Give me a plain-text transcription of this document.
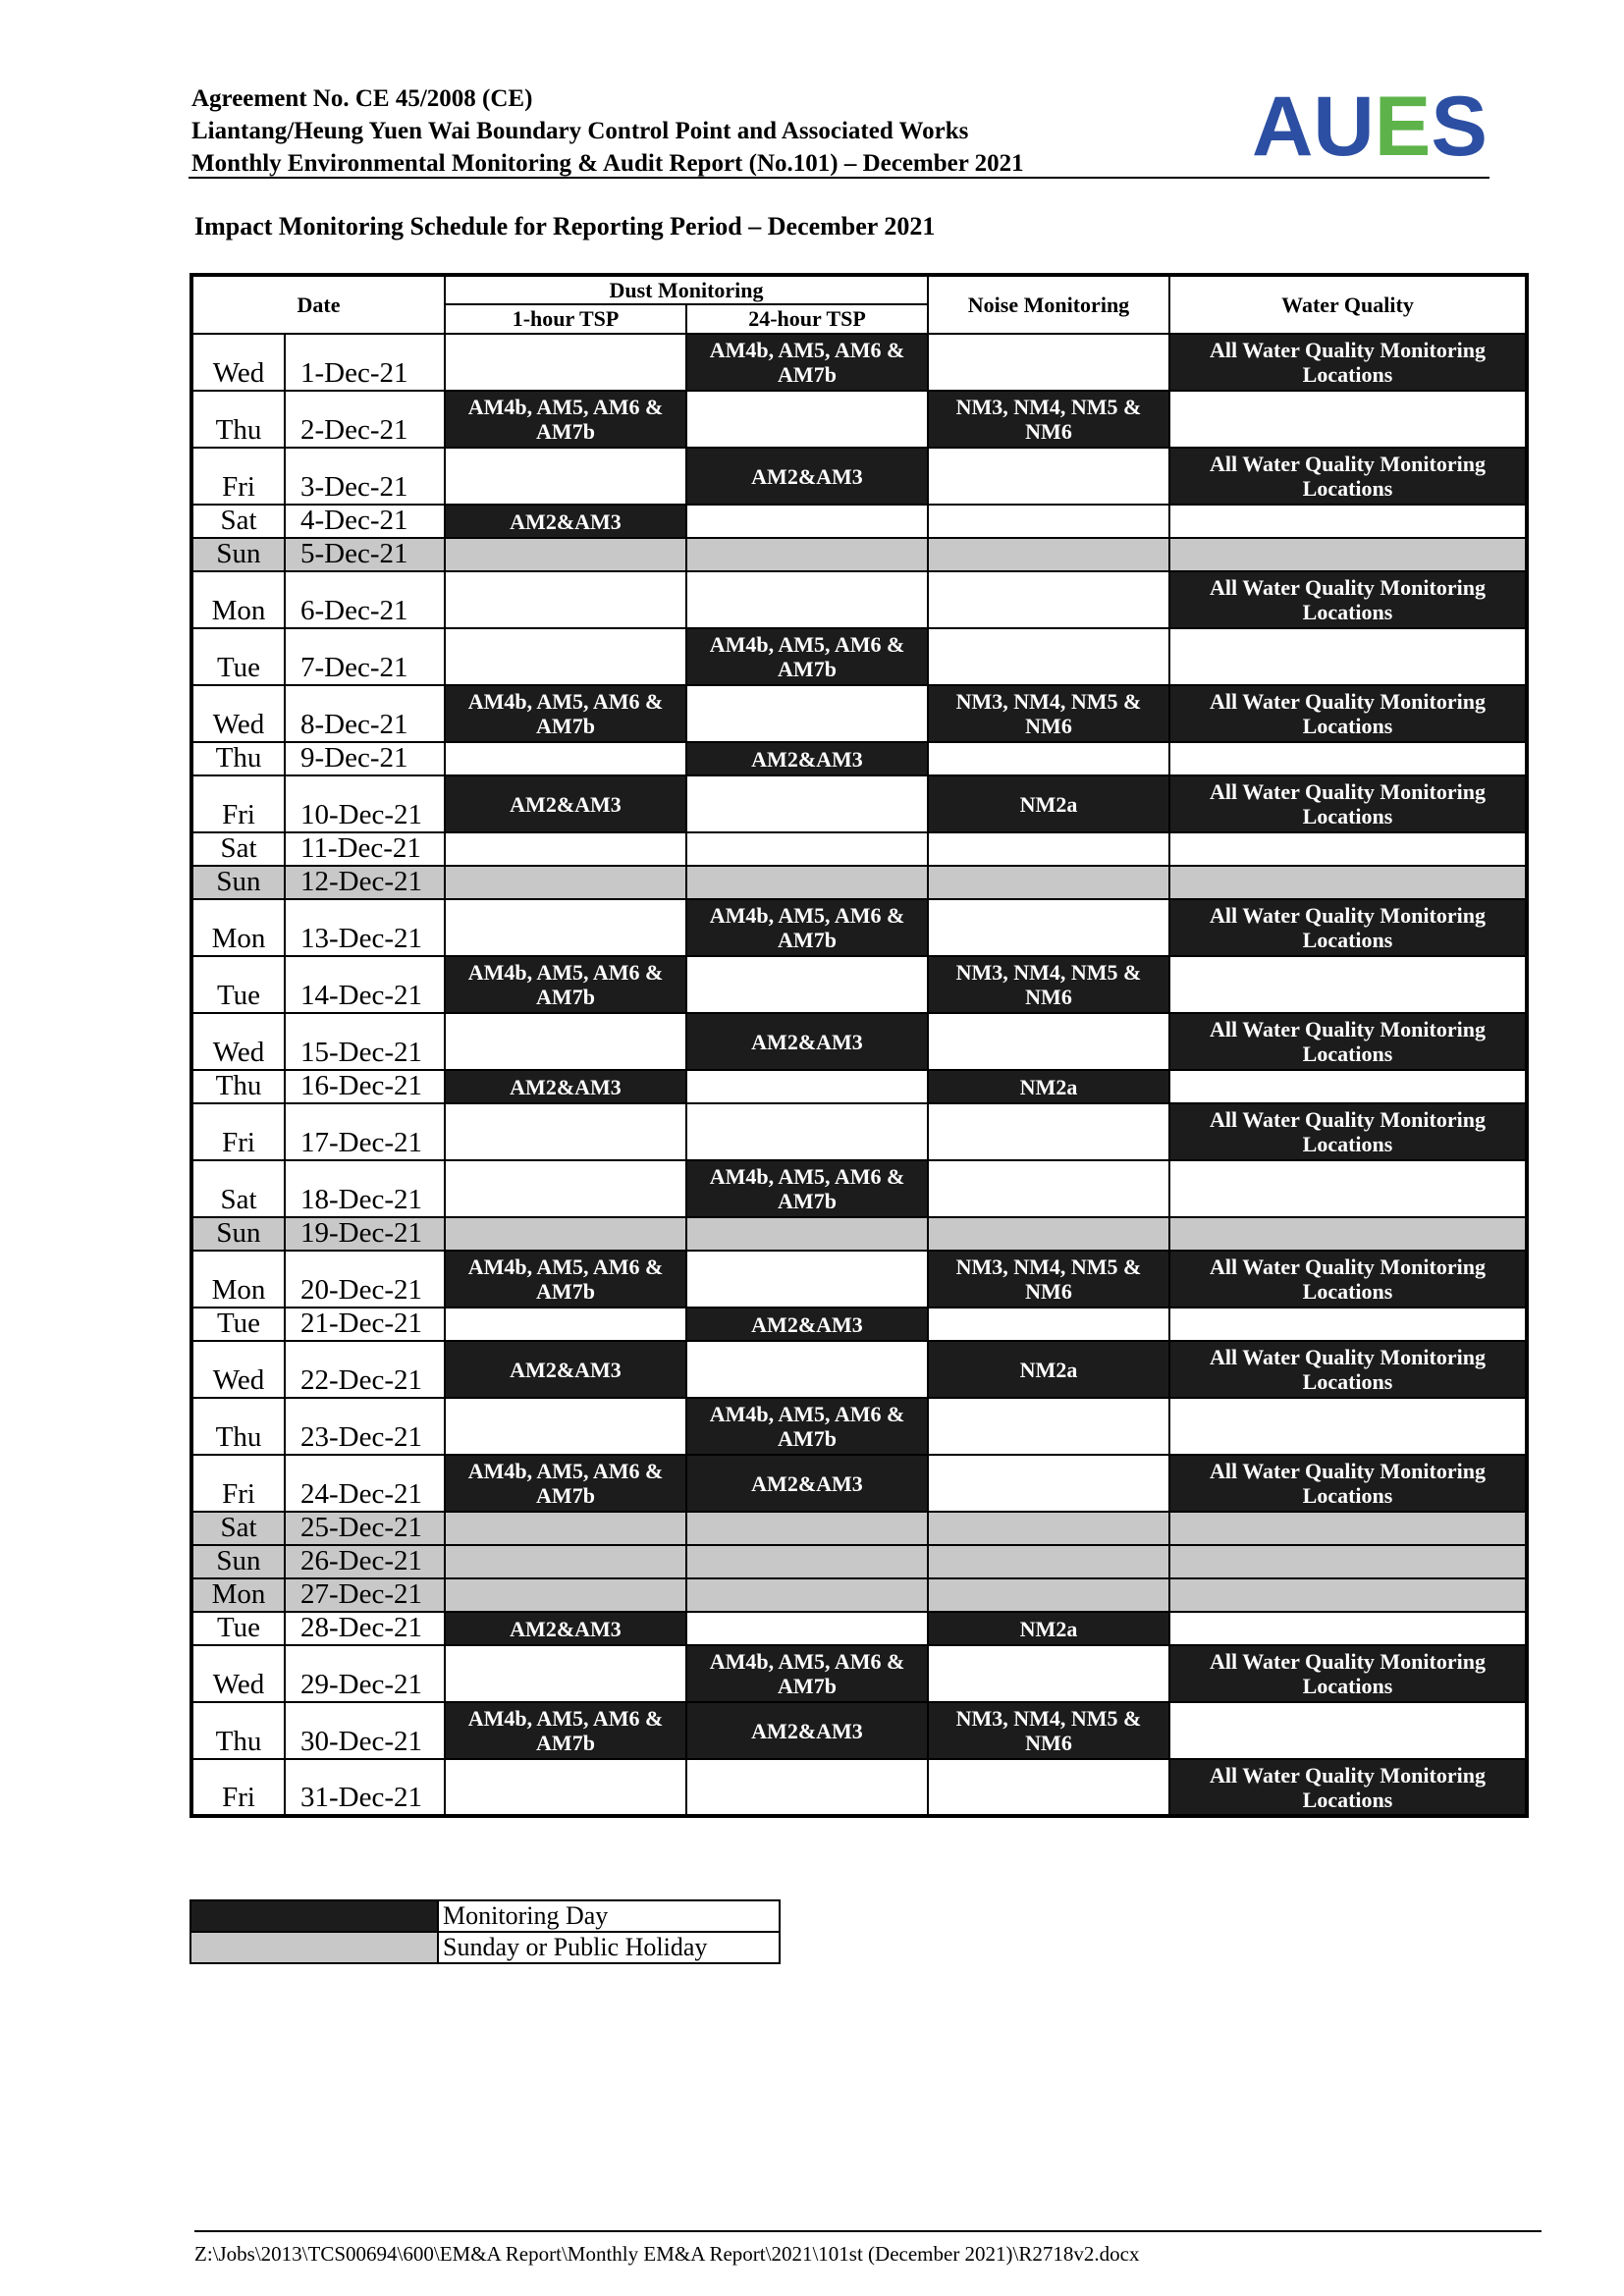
Agreement No. CE 45/2008 (CE)
Liantang/Heung Yuen Wai Boundary Control Point and Associated Works
Monthly Environmental Monitoring & Audit Report (No.101) – December 2021	AUES
Impact Monitoring Schedule for Reporting Period – December 2021
Date		Dust Monitoring		Noise Monitoring	Water Quality
		1-hour TSP	24-hour TSP		
Wed	1-Dec-21		AM4b, AM5, AM6 & AM7b		All Water Quality Monitoring Locations

Thu	2-Dec-21	AM4b, AM5, AM6 & AM7b		NM3, NM4, NM5 & NM6	

Fri	3-Dec-21		AM2&AM3		All Water Quality Monitoring Locations

Sat	4-Dec-21	AM2&AM3			

Sun	5-Dec-21	

Mon	6-Dec-21				All Water Quality Monitoring Locations

Tue	7-Dec-21		AM4b, AM5, AM6 & AM7b		

Wed	8-Dec-21	AM4b, AM5, AM6 & AM7b		NM3, NM4, NM5 & NM6	All Water Quality Monitoring Locations

Thu	9-Dec-21		AM2&AM3		

Fri	10-Dec-21	AM2&AM3		NM2a	All Water Quality Monitoring Locations

Sat	11-Dec-21	

Sun	12-Dec-21	

Mon	13-Dec-21		AM4b, AM5, AM6 & AM7b		All Water Quality Monitoring Locations

Tue	14-Dec-21	AM4b, AM5, AM6 & AM7b		NM3, NM4, NM5 & NM6	

Wed	15-Dec-21		AM2&AM3		All Water Quality Monitoring Locations

Thu	16-Dec-21	AM2&AM3		NM2a	

Fri	17-Dec-21				All Water Quality Monitoring Locations

Sat	18-Dec-21		AM4b, AM5, AM6 & AM7b		

Sun	19-Dec-21	

Mon	20-Dec-21	AM4b, AM5, AM6 & AM7b		NM3, NM4, NM5 & NM6	All Water Quality Monitoring Locations

Tue	21-Dec-21		AM2&AM3		

Wed	22-Dec-21	AM2&AM3		NM2a	All Water Quality Monitoring Locations

Thu	23-Dec-21		AM4b, AM5, AM6 & AM7b		

Fri	24-Dec-21	AM4b, AM5, AM6 & AM7b	AM2&AM3		All Water Quality Monitoring Locations

Sat	25-Dec-21	

Sun	26-Dec-21	

Mon	27-Dec-21	

Tue	28-Dec-21	AM2&AM3		NM2a	

Wed	29-Dec-21		AM4b, AM5, AM6 & AM7b		All Water Quality Monitoring Locations

Thu	30-Dec-21	AM4b, AM5, AM6 & AM7b	AM2&AM3	NM3, NM4, NM5 & NM6	

Fri	31-Dec-21				All Water Quality Monitoring Locations
	Monitoring Day
	Sunday or Public Holiday
Z:\Jobs\2013\TCS00694\600\EM&A Report\Monthly EM&A Report\2021\101st (December 2021)\R2718v2.docx
